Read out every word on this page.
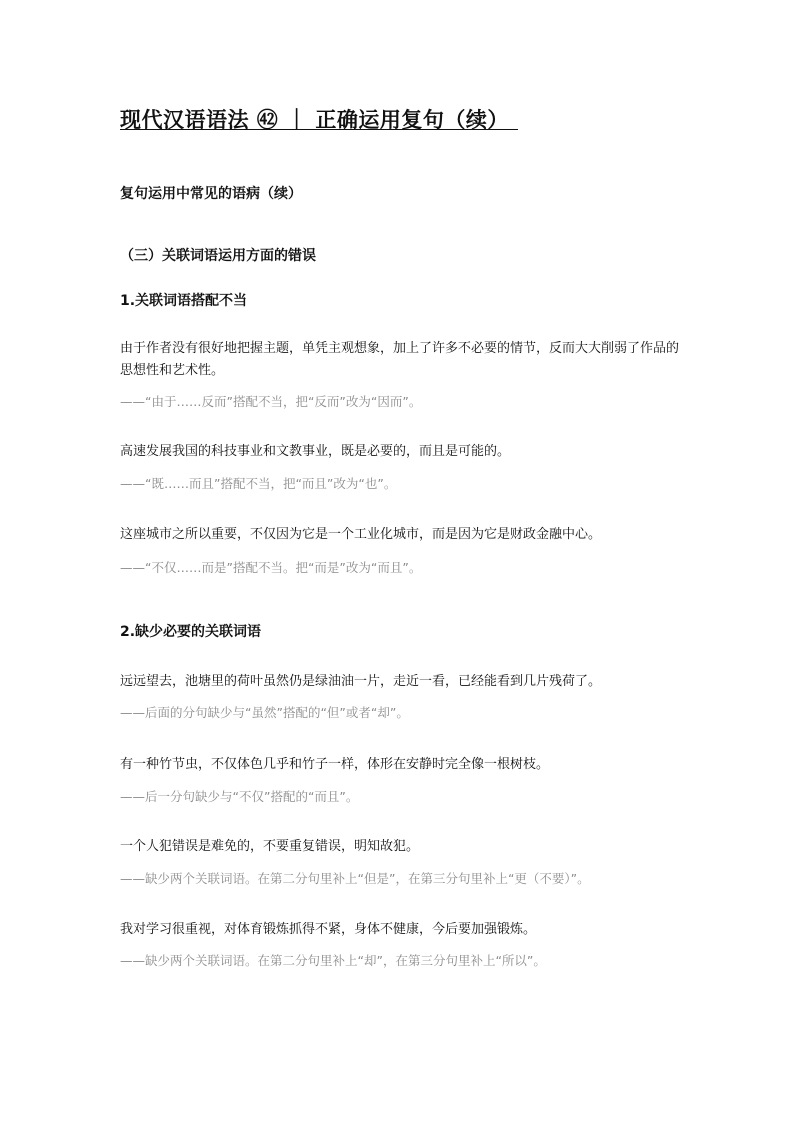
现代汉语语法 ㊷ ｜ 正确运用复句（续）
复句运用中常见的语病（续）
（三）关联词语运用方面的错误
1.关联词语搭配不当
由于作者没有很好地把握主题，单凭主观想象，加上了许多不必要的情节，反而大大削弱了作品的思想性和艺术性。
——“由于……反而”搭配不当，把“反而”改为“因而”。
高速发展我国的科技事业和文教事业，既是必要的，而且是可能的。
——“既……而且”搭配不当，把“而且”改为“也”。
这座城市之所以重要，不仅因为它是一个工业化城市，而是因为它是财政金融中心。
——“不仅……而是”搭配不当。把“而是”改为“而且”。
2.缺少必要的关联词语
远远望去，池塘里的荷叶虽然仍是绿油油一片，走近一看，已经能看到几片残荷了。
——后面的分句缺少与“虽然”搭配的“但”或者“却”。
有一种竹节虫，不仅体色几乎和竹子一样，体形在安静时完全像一根树枝。
——后一分句缺少与“不仅”搭配的“而且”。
一个人犯错误是难免的，不要重复错误，明知故犯。
——缺少两个关联词语。在第二分句里补上“但是”，在第三分句里补上“更（不要）”。
我对学习很重视，对体育锻炼抓得不紧，身体不健康，今后要加强锻炼。
——缺少两个关联词语。在第二分句里补上“却”，在第三分句里补上“所以”。
